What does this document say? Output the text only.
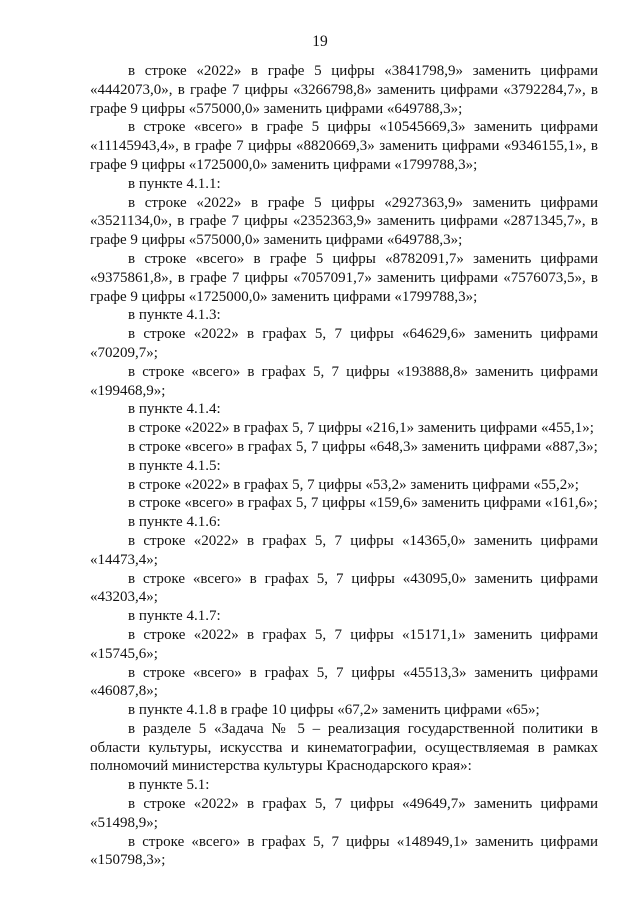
19

в строке «2022» в графе 5 цифры «3841798,9» заменить цифрами «4442073,0», в графе 7 цифры «3266798,8» заменить цифрами «3792284,7», в графе 9 цифры «575000,0» заменить цифрами «649788,3»;

в строке «всего» в графе 5 цифры «10545669,3» заменить цифрами «11145943,4», в графе 7 цифры «8820669,3» заменить цифрами «9346155,1», в графе 9 цифры «1725000,0» заменить цифрами «1799788,3»;

в пункте 4.1.1:

в строке «2022» в графе 5 цифры «2927363,9» заменить цифрами «3521134,0», в графе 7 цифры «2352363,9» заменить цифрами «2871345,7», в графе 9 цифры «575000,0» заменить цифрами «649788,3»;

в строке «всего» в графе 5 цифры «8782091,7» заменить цифрами «9375861,8», в графе 7 цифры «7057091,7» заменить цифрами «7576073,5», в графе 9 цифры «1725000,0» заменить цифрами «1799788,3»;

в пункте 4.1.3:

в строке «2022» в графах 5, 7 цифры «64629,6» заменить цифрами «70209,7»;

в строке «всего» в графах 5, 7 цифры «193888,8» заменить цифрами «199468,9»;

в пункте 4.1.4:

в строке «2022» в графах 5, 7 цифры «216,1» заменить цифрами «455,1»;

в строке «всего» в графах 5, 7 цифры «648,3» заменить цифрами «887,3»;

в пункте 4.1.5:

в строке «2022» в графах 5, 7 цифры «53,2» заменить цифрами «55,2»;

в строке «всего» в графах 5, 7 цифры «159,6» заменить цифрами «161,6»;

в пункте 4.1.6:

в строке «2022» в графах 5, 7 цифры «14365,0» заменить цифрами «14473,4»;

в строке «всего» в графах 5, 7 цифры «43095,0» заменить цифрами «43203,4»;

в пункте 4.1.7:

в строке «2022» в графах 5, 7 цифры «15171,1» заменить цифрами «15745,6»;

в строке «всего» в графах 5, 7 цифры «45513,3» заменить цифрами «46087,8»;

в пункте 4.1.8 в графе 10 цифры «67,2» заменить цифрами «65»;

в разделе 5 «Задача № 5 – реализация государственной политики в области культуры, искусства и кинематографии, осуществляемая в рамках полномочий министерства культуры Краснодарского края»:

в пункте 5.1:

в строке «2022» в графах 5, 7 цифры «49649,7» заменить цифрами «51498,9»;

в строке «всего» в графах 5, 7 цифры «148949,1» заменить цифрами «150798,3»;
